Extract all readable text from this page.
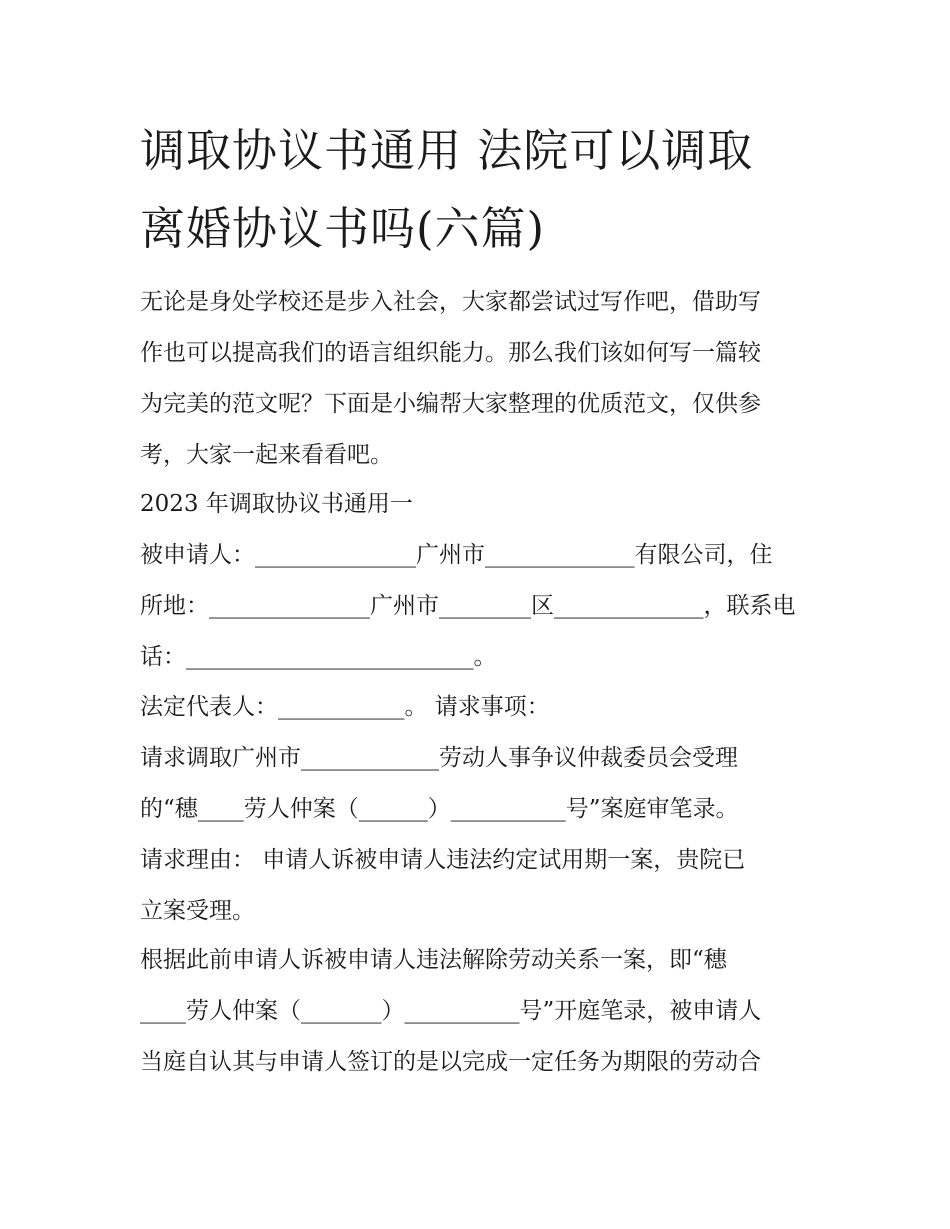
调取协议书通用 法院可以调取
离婚协议书吗(六篇)

无论是身处学校还是步入社会，大家都尝试过写作吧，借助写

作也可以提高我们的语言组织能力。那么我们该如何写一篇较

为完美的范文呢？下面是小编帮大家整理的优质范文，仅供参

考，大家一起来看看吧。

2023 年调取协议书通用一

被申请人：______________广州市_____________有限公司，住

所地：______________广州市________区_____________，联系电

话：_________________________。

法定代表人：___________。 请求事项：

请求调取广州市____________劳动人事争议仲裁委员会受理

的“穗____劳人仲案（______）__________号”案庭审笔录。

请求理由： 申请人诉被申请人违法约定试用期一案，贵院已

立案受理。

根据此前申请人诉被申请人违法解除劳动关系一案，即“穗

____劳人仲案（_______）__________号”开庭笔录，被申请人

当庭自认其与申请人签订的是以完成一定任务为期限的劳动合
